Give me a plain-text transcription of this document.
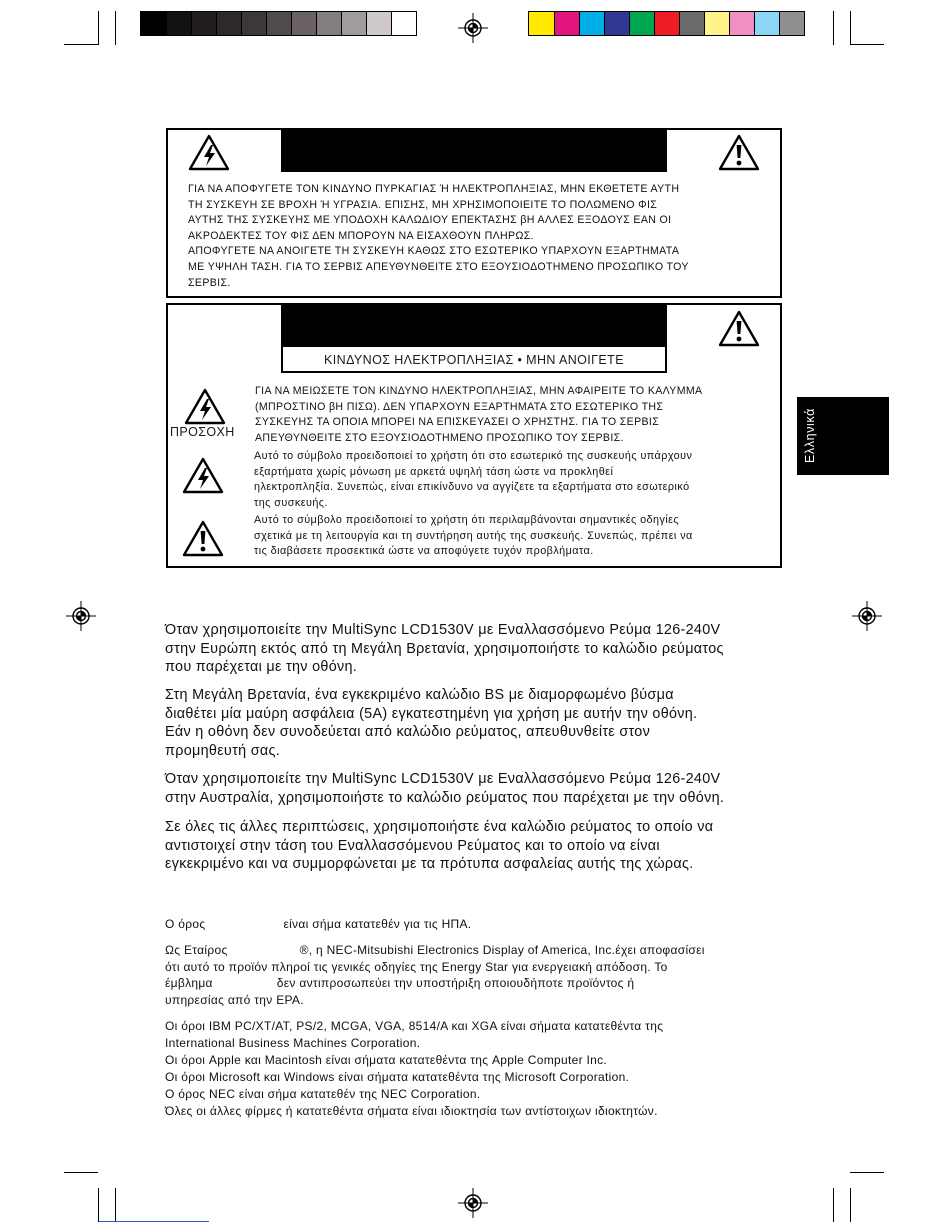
ΓΙΑ ΝΑ ΑΠΟΦΥΓΕΤΕ ΤΟΝ ΚΙΝΔΥΝΟ ΠΥΡΚΑΓΙΑΣ Ή ΗΛΕΚΤΡΟΠΛΗΞΙΑΣ, ΜΗΝ ΕΚΘΕΤΕΤΕ ΑΥΤΗ

ΤΗ ΣΥΣΚΕΥΗ ΣΕ ΒΡΟΧΗ Ή ΥΓΡΑΣΙΑ. ΕΠΙΣΗΣ, ΜΗ ΧΡΗΣΙΜΟΠΟΙΕΙΤΕ ΤΟ ΠΟΛΩΜΕΝΟ ΦΙΣ

ΑΥΤΗΣ ΤΗΣ ΣΥΣΚΕΥΗΣ ΜΕ ΥΠΟΔΟΧΗ ΚΑΛΩΔΙΟΥ ΕΠΕΚΤΑΣΗΣ βΗ ΑΛΛΕΣ ΕΞΟΔΟΥΣ ΕΑΝ ΟΙ

ΑΚΡΟΔΕΚΤΕΣ ΤΟΥ ΦΙΣ ΔΕΝ ΜΠΟΡΟΥΝ ΝΑ ΕΙΣΑΧΘΟΥΝ ΠΛΗΡΩΣ.

ΑΠΟΦΥΓΕΤΕ ΝΑ ΑΝΟΙΓΕΤΕ ΤΗ ΣΥΣΚΕΥΗ ΚΑΘΩΣ ΣΤΟ ΕΣΩΤΕΡΙΚΟ ΥΠΑΡΧΟΥΝ ΕΞΑΡΤΗΜΑΤΑ

ΜΕ ΥΨΗΛΗ ΤΑΣΗ. ΓΙΑ ΤΟ ΣΕΡΒΙΣ ΑΠΕΥΘΥΝΘΕΙΤΕ ΣΤΟ ΕΞΟΥΣΙΟΔΟΤΗΜΕΝΟ ΠΡΟΣΩΠΙΚΟ ΤΟΥ

ΣΕΡΒΙΣ.

ΚΙΝΔΥΝΟΣ ΗΛΕΚΤΡΟΠΛΗΞΙΑΣ • ΜΗΝ ΑΝΟΙΓΕΤΕ
ΠΡΟΣΟΧΗ

ΓΙΑ ΝΑ ΜΕΙΩΣΕΤΕ ΤΟΝ ΚΙΝΔΥΝΟ ΗΛΕΚΤΡΟΠΛΗΞΙΑΣ, ΜΗΝ ΑΦΑΙΡΕΙΤΕ ΤΟ ΚΑΛΥΜΜΑ

(ΜΠΡΟΣΤΙΝΟ βΗ ΠΙΣΩ). ΔΕΝ ΥΠΑΡΧΟΥΝ ΕΞΑΡΤΗΜΑΤΑ ΣΤΟ ΕΣΩΤΕΡΙΚΟ ΤΗΣ

ΣΥΣΚΕΥΗΣ ΤΑ ΟΠΟΙΑ ΜΠΟΡΕΙ ΝΑ ΕΠΙΣΚΕΥΑΣΕΙ Ο ΧΡΗΣΤΗΣ. ΓΙΑ ΤΟ ΣΕΡΒΙΣ

ΑΠΕΥΘΥΝΘΕΙΤΕ ΣΤΟ ΕΞΟΥΣΙΟΔΟΤΗΜΕΝΟ ΠΡΟΣΩΠΙΚΟ ΤΟΥ ΣΕΡΒΙΣ.

Αυτό το σύμβολο προειδοποιεί το χρήστη ότι στο εσωτερικό της συσκευής υπάρχουν
εξαρτήματα χωρίς μόνωση με αρκετά υψηλή τάση ώστε να προκληθεί
ηλεκτροπληξία. Συνεπώς, είναι επικίνδυνο να αγγίζετε τα εξαρτήματα στο εσωτερικό
της συσκευής.
Αυτό το σύμβολο προειδοποιεί το χρήστη ότι περιλαμβάνονται σημαντικές οδηγίες
σχετικά με τη λειτουργία και τη συντήρηση αυτής της συσκευής. Συνεπώς, πρέπει να
τις διαβάσετε προσεκτικά ώστε να αποφύγετε τυχόν προβλήματα.
Ελληνικά
Όταν χρησιμοποιείτε την MultiSync LCD1530V με Εναλλασσόμενο Ρεύμα 126-240V
στην Ευρώπη εκτός από τη Μεγάλη Βρετανία, χρησιμοποιήστε το καλώδιο ρεύματος
που παρέχεται με την οθόνη.
Στη Μεγάλη Βρετανία, ένα εγκεκριμένο καλώδιο BS με διαμορφωμένο βύσμα
διαθέτει μία μαύρη ασφάλεια (5A) εγκατεστημένη για χρήση με αυτήν την οθόνη.
Εάν η οθόνη δεν συνοδεύεται από καλώδιο ρεύματος, απευθυνθείτε στον
προμηθευτή σας.
Όταν χρησιμοποιείτε την MultiSync LCD1530V με Εναλλασσόμενο Ρεύμα 126-240V
στην Αυστραλία, χρησιμοποιήστε το καλώδιο ρεύματος που παρέχεται με την οθόνη.
Σε όλες τις άλλες περιπτώσεις, χρησιμοποιήστε ένα καλώδιο ρεύματος το οποίο να
αντιστοιχεί στην τάση του Εναλλασσόμενου Ρεύματος και το οποίο να είναι
εγκεκριμένο και να συμμορφώνεται με τα πρότυπα ασφαλείας αυτής της χώρας.
Ο όρος	είναι σήμα κατατεθέν για τις ΗΠΑ.
Ως Εταίρος	®, η NEC-Mitsubishi Electronics Display of America, Inc.έχει αποφασίσει
ότι αυτό το προϊόν πληροί τις γενικές οδηγίες της Energy Star για ενεργειακή απόδοση. Το
έμβλημα	δεν αντιπροσωπεύει την υποστήριξη οποιουδήποτε προϊόντος ή
υπηρεσίας από την EPA.
Οι όροι IBM PC/XT/AT, PS/2, MCGA, VGA, 8514/A και XGA είναι σήματα κατατεθέντα της
International Business Machines Corporation.
Οι όροι Apple και Macintosh είναι σήματα κατατεθέντα της Apple Computer Inc.
Οι όροι Microsoft και Windows είναι σήματα κατατεθέντα της Microsoft Corporation.
Ο όρος NEC είναι σήμα κατατεθέν της NEC Corporation.
Όλες οι άλλες φίρμες ή κατατεθέντα σήματα είναι ιδιοκτησία των αντίστοιχων ιδιοκτητών.
